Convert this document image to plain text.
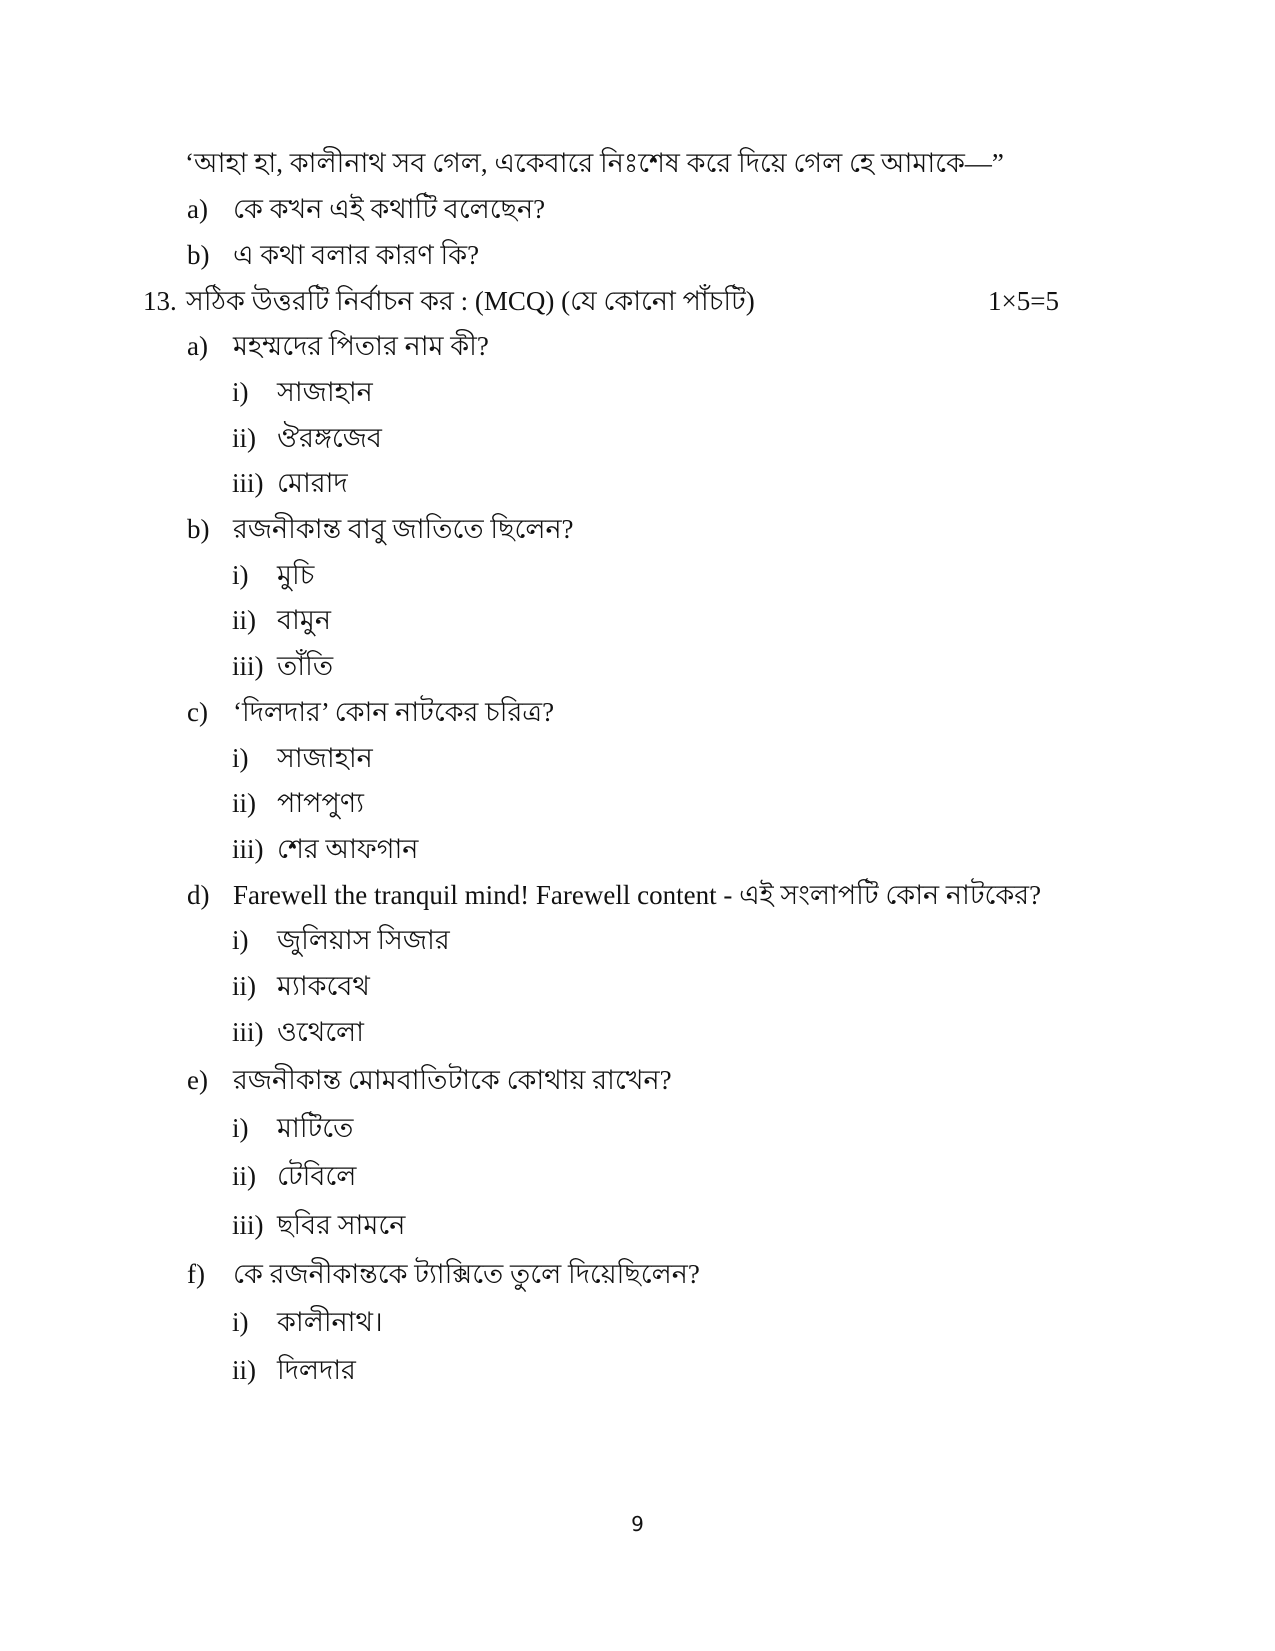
‘আহা হা, কালীনাথ সব গেল, একেবারে নিঃশেষ করে দিয়ে গেল হে আমাকে—”
a) কে কখন এই কথাটি বলেছেন?
b) এ কথা বলার কারণ কি?
13. সঠিক উত্তরটি নির্বাচন কর : (MCQ) (যে কোনো পাঁচটি)	1×5=5
a) মহম্মদের পিতার নাম কী?
i) সাজাহান
ii) ঔরঙ্গজেব
iii) মোরাদ
b) রজনীকান্ত বাবু জাতিতে ছিলেন?
i) মুচি
ii) বামুন
iii) তাঁতি
c) ‘দিলদার’ কোন নাটকের চরিত্র?
i) সাজাহান
ii) পাপপুণ্য
iii) শের আফগান
d) Farewell the tranquil mind! Farewell content - এই সংলাপটি কোন নাটকের?
i) জুলিয়াস সিজার
ii) ম্যাকবেথ
iii) ওথেলো
e) রজনীকান্ত মোমবাতিটাকে কোথায় রাখেন?
i) মাটিতে
ii) টেবিলে
iii) ছবির সামনে
f) কে রজনীকান্তকে ট্যাক্সিতে তুলে দিয়েছিলেন?
i) কালীনাথ।
ii) দিলদার
9
